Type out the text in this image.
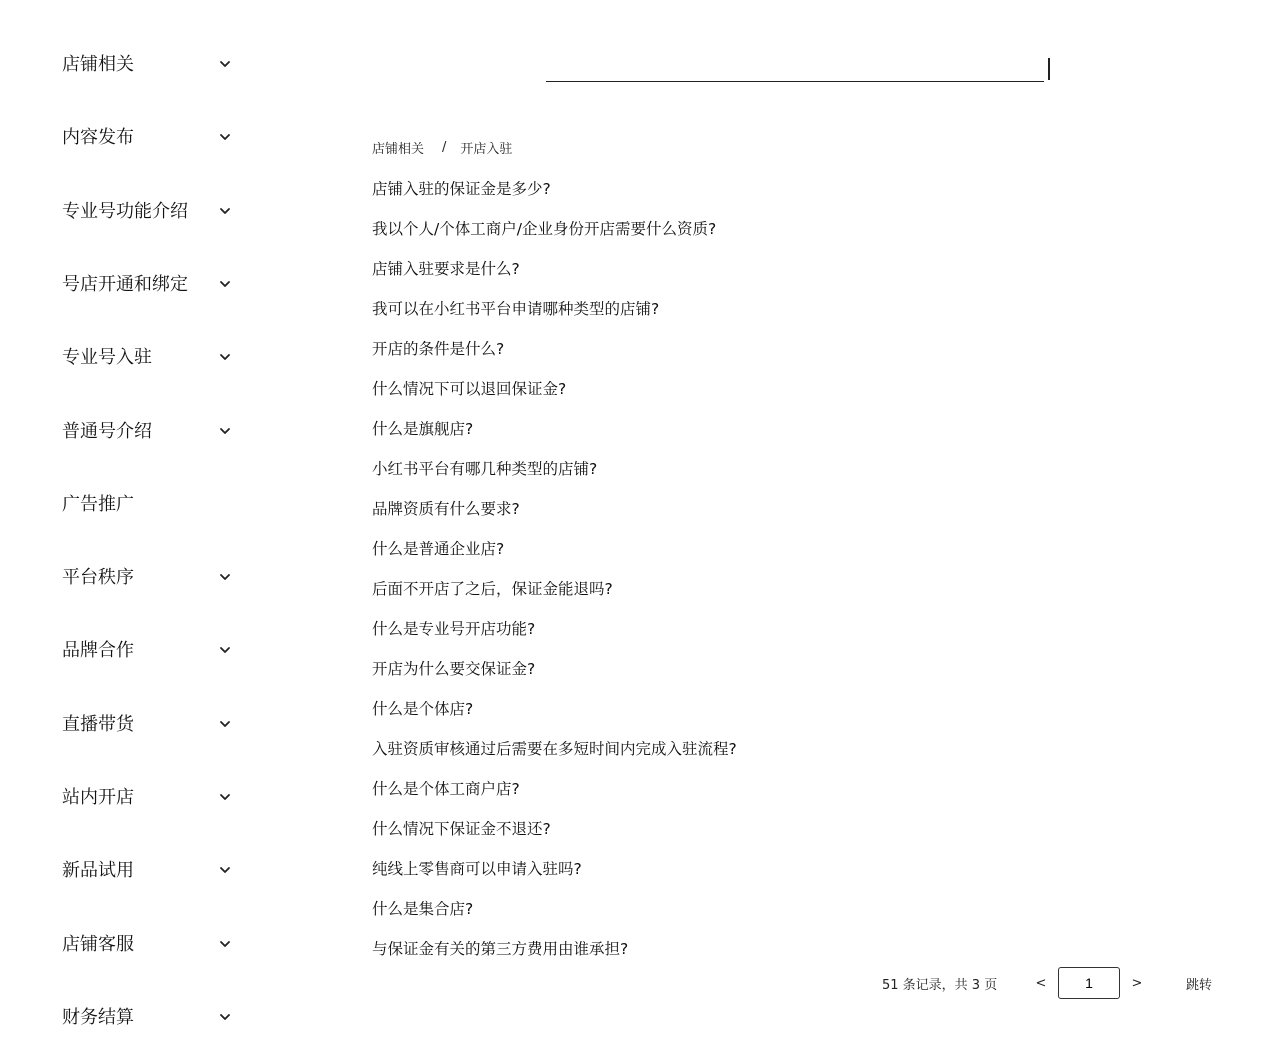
店铺相关
内容发布
专业号功能介绍
号店开通和绑定
专业号入驻
普通号介绍
广告推广
平台秩序
品牌合作
直播带货
站内开店
新品试用
店铺客服
财务结算
店铺相关 / 开店入驻
店铺入驻的保证金是多少?
我以个人/个体工商户/企业身份开店需要什么资质?
店铺入驻要求是什么?
我可以在小红书平台申请哪种类型的店铺?
开店的条件是什么?
什么情况下可以退回保证金?
什么是旗舰店?
小红书平台有哪几种类型的店铺?
品牌资质有什么要求?
什么是普通企业店?
后面不开店了之后，保证金能退吗?
什么是专业号开店功能?
开店为什么要交保证金?
什么是个体店?
入驻资质审核通过后需要在多短时间内完成入驻流程?
什么是个体工商户店?
什么情况下保证金不退还?
纯线上零售商可以申请入驻吗?
什么是集合店?
与保证金有关的第三方费用由谁承担?
51 条记录，共 3 页	<
1	>	跳转
